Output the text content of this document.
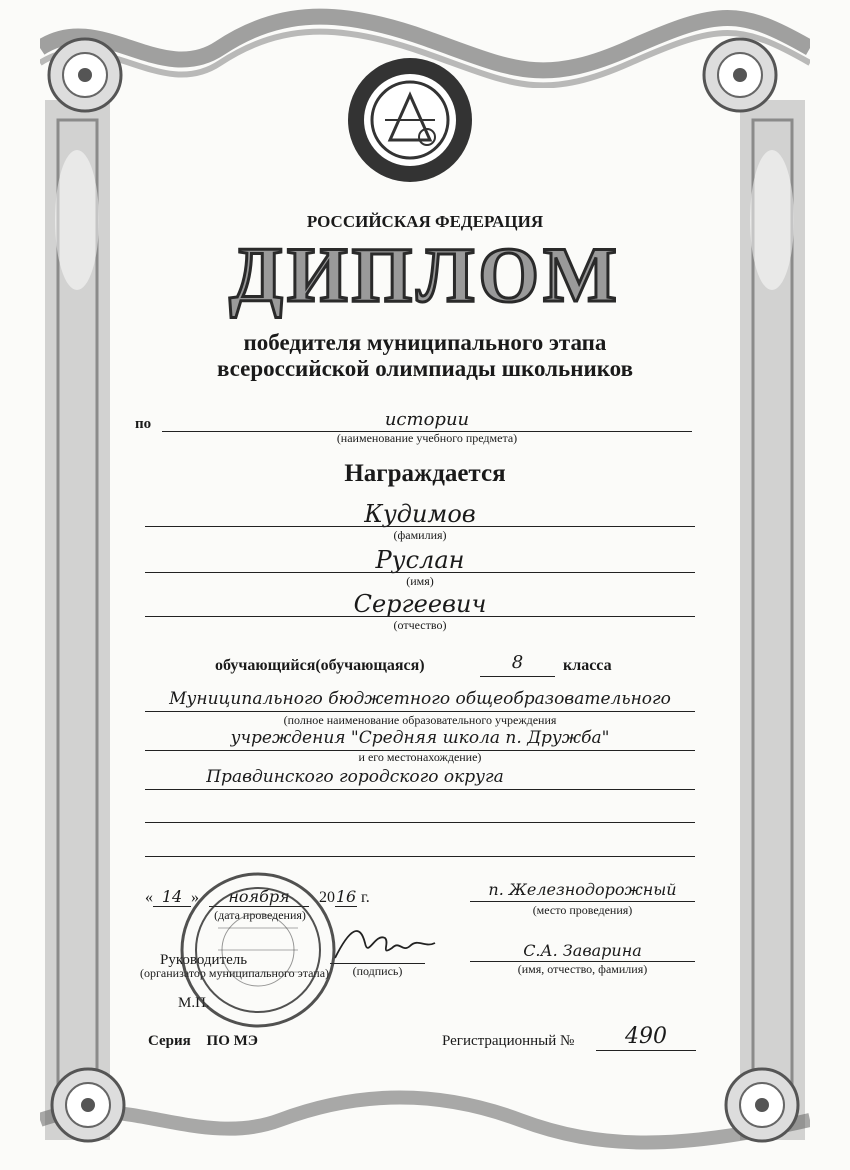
РОССИЙСКАЯ ФЕДЕРАЦИЯ
ДИПЛОМ
победителя муниципального этапа
всероссийской олимпиады школьников
по	истории
(наименование учебного предмета)
Награждается
Кудимов
(фамилия)
Руслан
(имя)
Сергеевич
(отчество)
обучающийся(обучающаяся)	8	класса
Муниципального бюджетного общеобразовательного
(полное наименование образовательного учреждения
учреждения "Средняя школа п. Дружба"
и его местонахождение)
Правдинского городского округа
« 14 » ноября 2016 г.
(дата проведения)
п. Железнодорожный
(место проведения)
Руководитель
(организатор муниципального этапа)	(подпись)
С.А. Заварина
(имя, отчество, фамилия)
М.П.
Серия ПО МЭ	Регистрационный №	490
